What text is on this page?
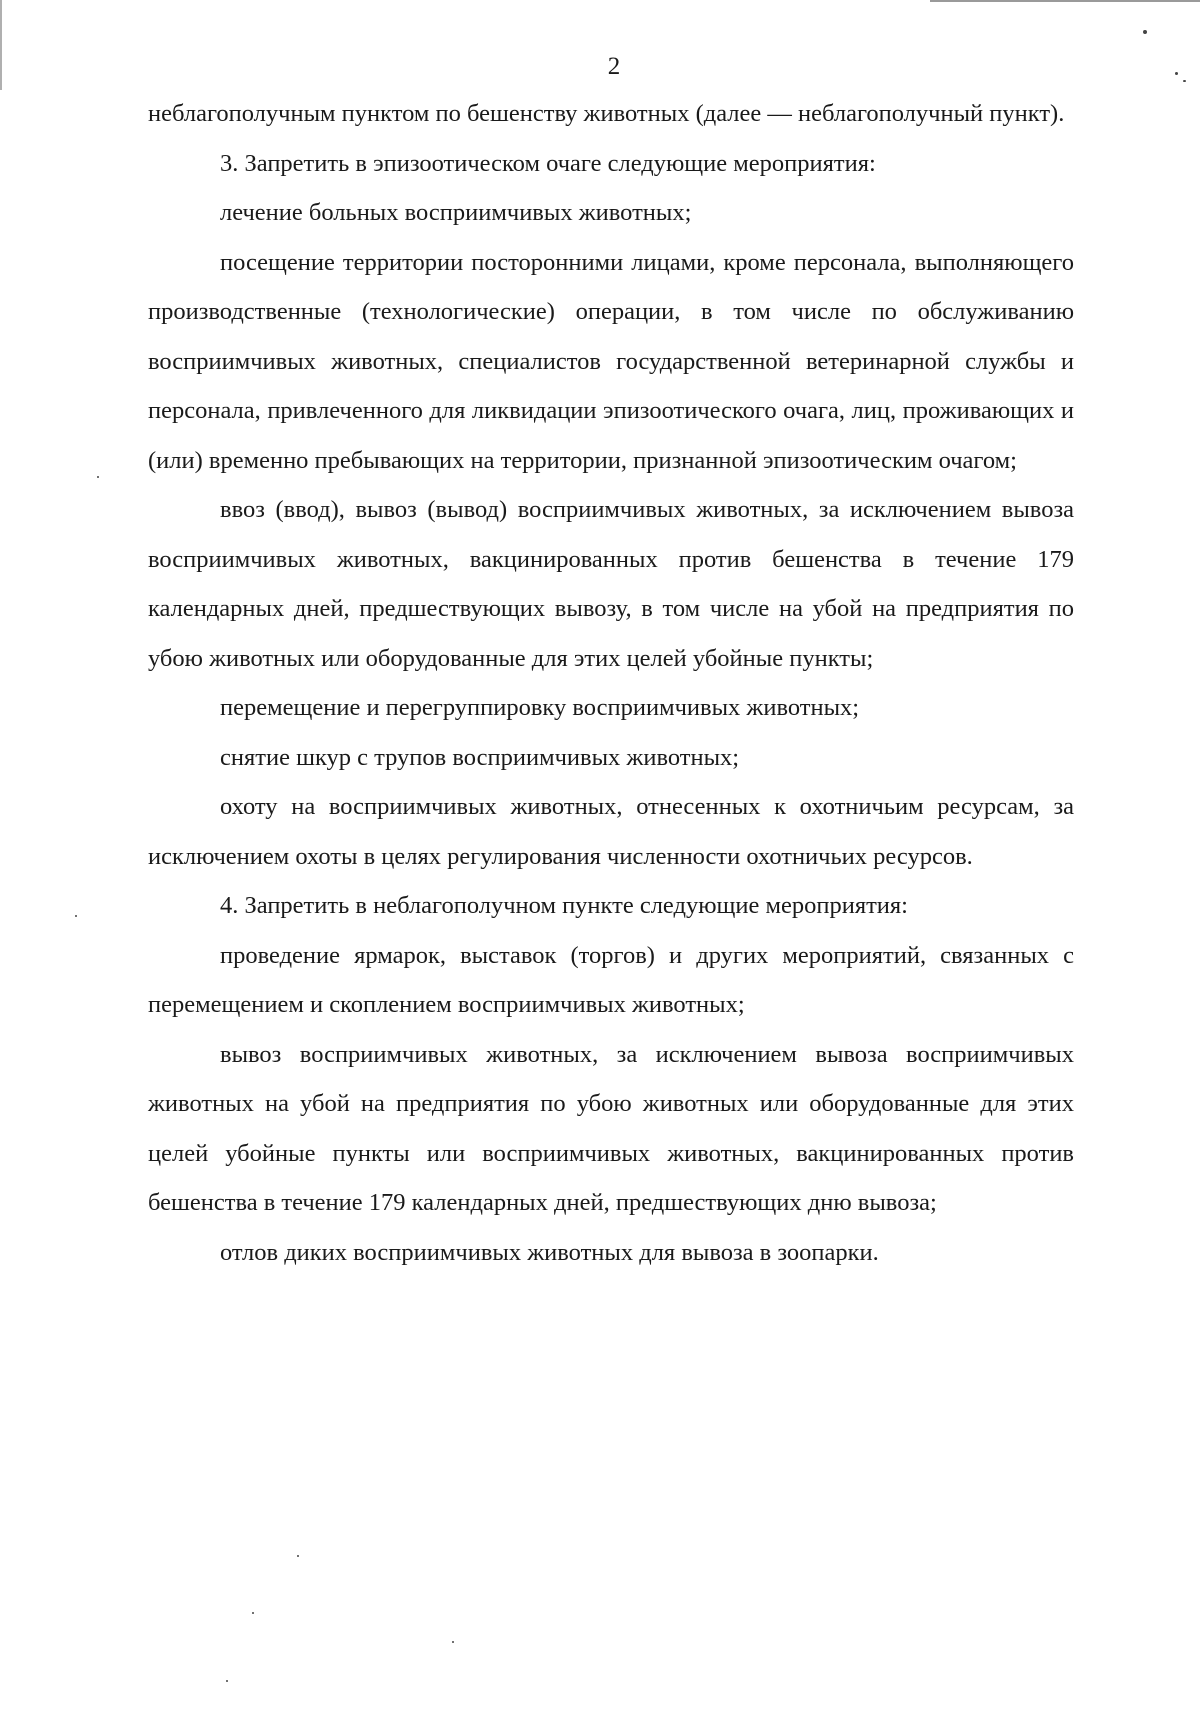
2

неблагополучным пунктом по бешенству животных (далее — неблагополучный пункт).

3. Запретить в эпизоотическом очаге следующие мероприятия:

лечение больных восприимчивых животных;

посещение территории посторонними лицами, кроме персонала, выполняющего производственные (технологические) операции, в том числе по обслуживанию восприимчивых животных, специалистов государственной ветеринарной службы и персонала, привлеченного для ликвидации эпизоотического очага, лиц, проживающих и (или) временно пребывающих на территории, признанной эпизоотическим очагом;

ввоз (ввод), вывоз (вывод) восприимчивых животных, за исключением вывоза восприимчивых животных, вакцинированных против бешенства в течение 179 календарных дней, предшествующих вывозу, в том числе на убой на предприятия по убою животных или оборудованные для этих целей убойные пункты;

перемещение и перегруппировку восприимчивых животных;

снятие шкур с трупов восприимчивых животных;

охоту на восприимчивых животных, отнесенных к охотничьим ресурсам, за исключением охоты в целях регулирования численности охотничьих ресурсов.

4. Запретить в неблагополучном пункте следующие мероприятия:

проведение ярмарок, выставок (торгов) и других мероприятий, связанных с перемещением и скоплением восприимчивых животных;

вывоз восприимчивых животных, за исключением вывоза восприимчивых животных на убой на предприятия по убою животных или оборудованные для этих целей убойные пункты или восприимчивых животных, вакцинированных против бешенства в течение 179 календарных дней, предшествующих дню вывоза;

отлов диких восприимчивых животных для вывоза в зоопарки.
